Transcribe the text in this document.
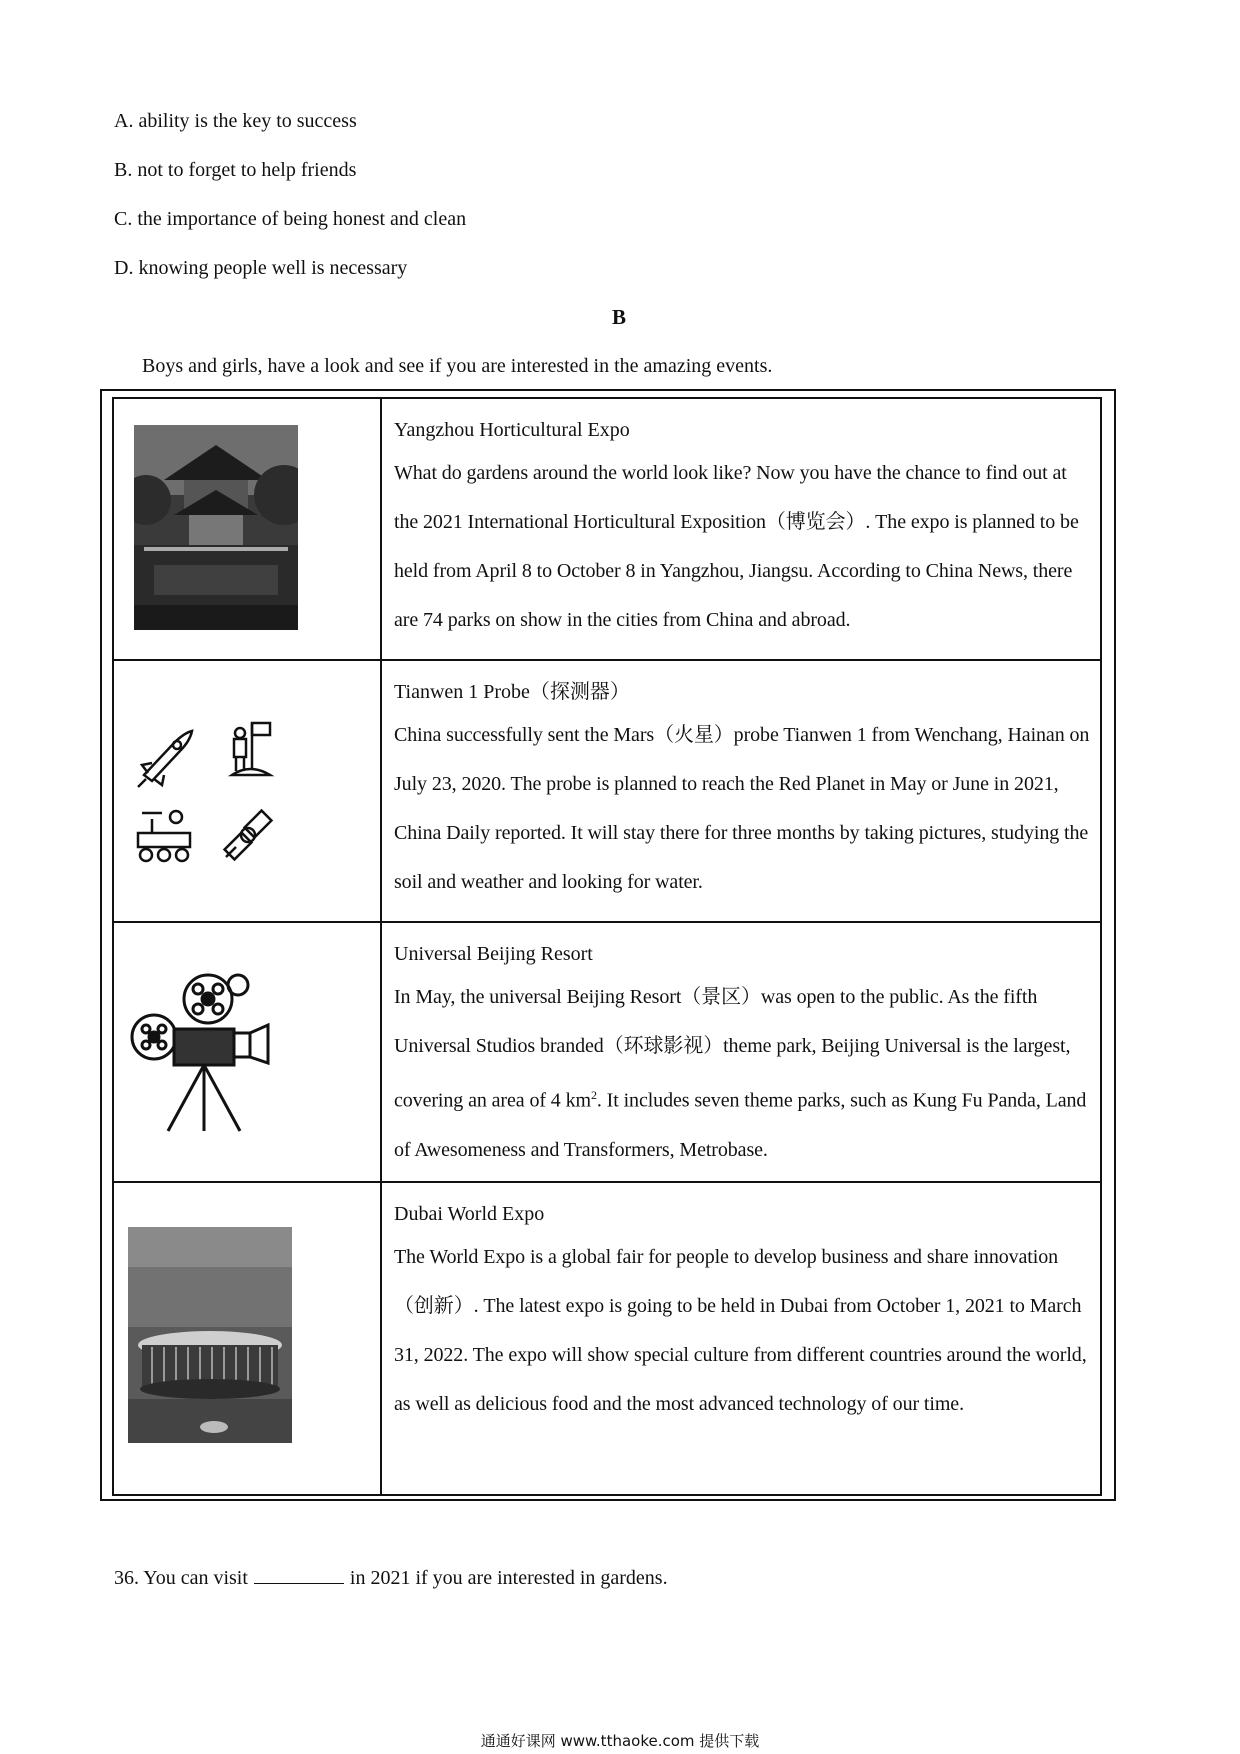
A. ability is the key to success
B. not to forget to help friends
C. the importance of being honest and clean
D. knowing people well is necessary
B
Boys and girls, have a look and see if you are interested in the amazing events.

Yangzhou Horticultural Expo
What do gardens around the world look like? Now you have the chance to find out at the 2021 International Horticultural Exposition（博览会）. The expo is planned to be held from April 8 to October 8 in Yangzhou, Jiangsu. According to China News, there are 74 parks on show in the cities from China and abroad.

Tianwen 1 Probe（探测器）
China successfully sent the Mars（火星）probe Tianwen 1 from Wenchang, Hainan on July 23, 2020. The probe is planned to reach the Red Planet in May or June in 2021, China Daily reported. It will stay there for three months by taking pictures, studying the soil and weather and looking for water.

Universal Beijing Resort
In May, the universal Beijing Resort（景区）was open to the public. As the fifth Universal Studios branded（环球影视）theme park, Beijing Universal is the largest, covering an area of 4 $km^2$. It includes seven theme parks, such as Kung Fu Panda, Land of Awesomeness and Transformers, Metrobase.

Dubai World Expo
The World Expo is a global fair for people to develop business and share innovation（创新）. The latest expo is going to be held in Dubai from October 1, 2021 to March 31, 2022. The expo will show special culture from different countries around the world, as well as delicious food and the most advanced technology of our time.
36. You can visit	in 2021 if you are interested in gardens.
通通好课网 www.tthaoke.com 提供下载
